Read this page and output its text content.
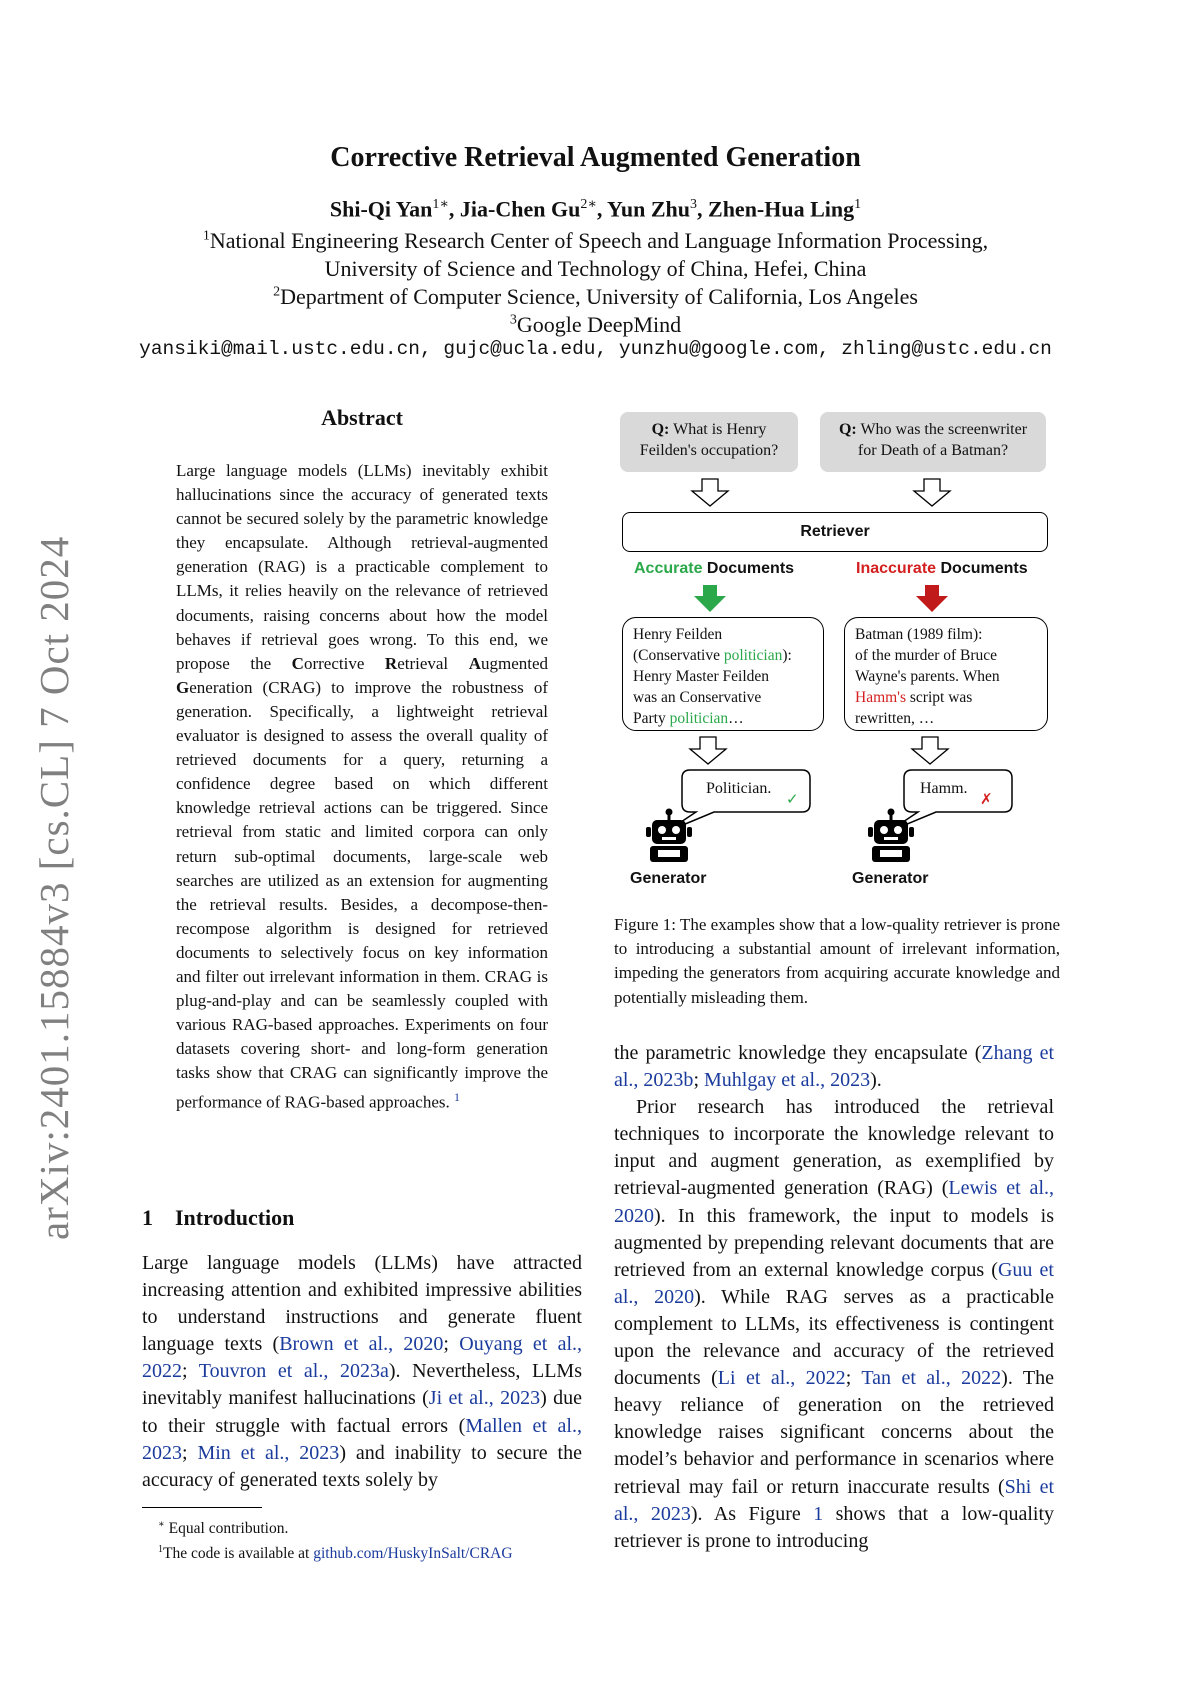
arXiv:2401.15884v3 [cs.CL] 7 Oct 2024
Corrective Retrieval Augmented Generation
Shi-Qi Yan$^{1∗}$, Jia-Chen $Gu^{2∗}$, Yun Zhu$^3$, Zhen-Hua Ling$^1$
$^1$National Engineering Research Center of Speech and Language Information Processing,
University of Science and Technology of China, Hefei, China
$^2$Department of Computer Science, University of California, Los Angeles
$^3$Google DeepMind
yansiki@mail.ustc.edu.cn, gujc@ucla.edu, yunzhu@google.com, zhling@ustc.edu.cn
Abstract

Large language models (LLMs) inevitably exhibit hallucinations since the accuracy of generated texts cannot be secured solely by the parametric knowledge they encapsulate. Although retrieval-augmented generation (RAG) is a practicable complement to LLMs, it relies heavily on the relevance of retrieved documents, raising concerns about how the model behaves if retrieval goes wrong. To this end, we propose the Corrective Retrieval Augmented Generation (CRAG) to improve the robustness of generation. Specifically, a lightweight retrieval evaluator is designed to assess the overall quality of retrieved documents for a query, returning a confidence degree based on which different knowledge retrieval actions can be triggered. Since retrieval from static and limited corpora can only return sub-optimal documents, large-scale web searches are utilized as an extension for augmenting the retrieval results. Besides, a decompose-then-recompose algorithm is designed for retrieved documents to selectively focus on key information and filter out irrelevant information in them. CRAG is plug-and-play and can be seamlessly coupled with various RAG-based approaches. Experiments on four datasets covering short- and long-form generation tasks show that CRAG can significantly improve the performance of RAG-based approaches. $^1$

1 Introduction

Large language models (LLMs) have attracted increasing attention and exhibited impressive abilities to understand instructions and generate fluent language texts (Brown et al., 2020; Ouyang et al., 2022; Touvron et al., 2023a). Nevertheless, LLMs inevitably manifest hallucinations (Ji et al., 2023) due to their struggle with factual errors (Mallen et al., 2023; Min et al., 2023) and inability to secure the accuracy of generated texts solely by

∗ Equal contribution.
$^1$The code is available at github.com/HuskyInSalt/CRAG
Q: What is Henry
Feilden's occupation?
Q: Who was the screenwriter
for Death of a Batman?
Retriever
Accurate Documents	Inaccurate Documents
Henry Feilden
(Conservative politician):
Henry Master Feilden
was an Conservative
Party politician…
Batman (1989 film):
of the murder of Bruce
Wayne's parents. When
Hamm's script was
rewritten, …
Politician.
✓
Hamm.
✗
Generator	Generator
Figure 1: The examples show that a low-quality retriever is prone to introducing a substantial amount of irrelevant information, impeding the generators from acquiring accurate knowledge and potentially misleading them.

the parametric knowledge they encapsulate (Zhang et al., 2023b; Muhlgay et al., 2023).

Prior research has introduced the retrieval techniques to incorporate the knowledge relevant to input and augment generation, as exemplified by retrieval-augmented generation (RAG) (Lewis et al., 2020). In this framework, the input to models is augmented by prepending relevant documents that are retrieved from an external knowledge corpus (Guu et al., 2020). While RAG serves as a practicable complement to LLMs, its effectiveness is contingent upon the relevance and accuracy of the retrieved documents (Li et al., 2022; Tan et al., 2022). The heavy reliance of generation on the retrieved knowledge raises significant concerns about the model’s behavior and performance in scenarios where retrieval may fail or return inaccurate results (Shi et al., 2023). As Figure 1 shows that a low-quality retriever is prone to introducing
